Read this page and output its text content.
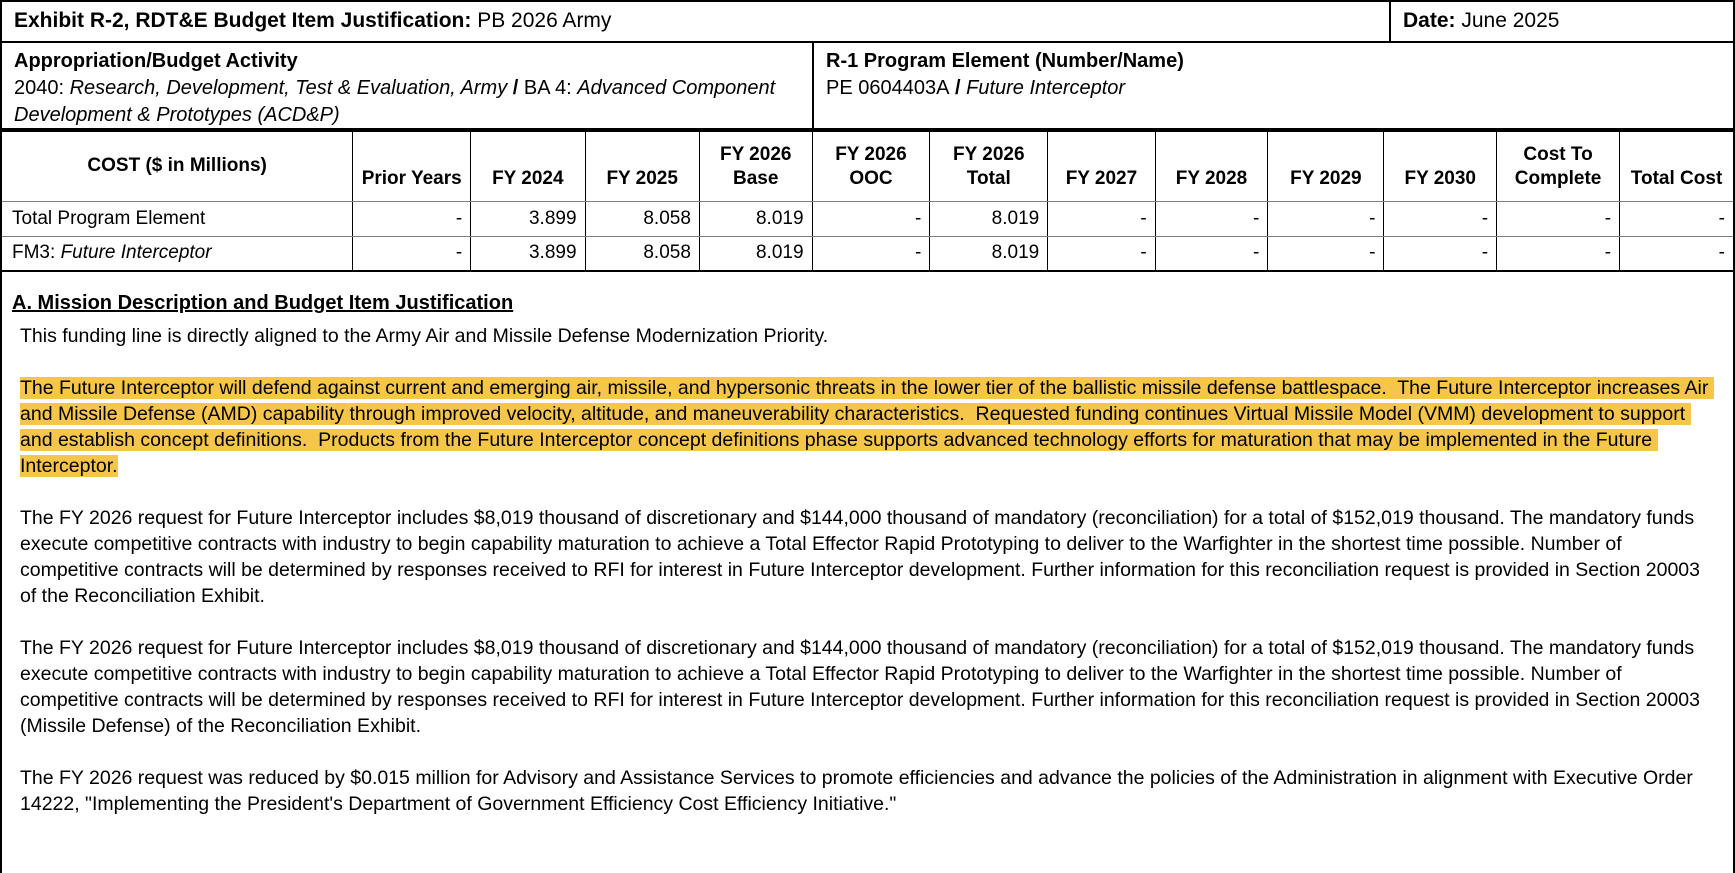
Exhibit R-2, RDT&E Budget Item Justification: PB 2026 Army	Date: June 2025
Appropriation/Budget Activity
2040: Research, Development, Test & Evaluation, Army / BA 4: Advanced Component Development & Prototypes (ACD&P)
R-1 Program Element (Number/Name)
PE 0604403A / Future Interceptor
COST ($ in Millions)	Prior Years	FY 2024	FY 2025	FY 2026 Base	FY 2026 OOC	FY 2026 Total	FY 2027	FY 2028	FY 2029	FY 2030	Cost To Complete	Total Cost
Total Program Element	-	3.899	8.058	8.019	-	8.019	-	-	-	-	-	-
FM3: Future Interceptor	-	3.899	8.058	8.019	-	8.019	-	-	-	-	-	-
A. Mission Description and Budget Item Justification
This funding line is directly aligned to the Army Air and Missile Defense Modernization Priority.
The Future Interceptor will defend against current and emerging air, missile, and hypersonic threats in the lower tier of the ballistic missile defense battlespace.  The Future Interceptor increases Air and Missile Defense (AMD) capability through improved velocity, altitude, and maneuverability characteristics.  Requested funding continues Virtual Missile Model (VMM) development to support and establish concept definitions.  Products from the Future Interceptor concept definitions phase supports advanced technology efforts for maturation that may be implemented in the Future Interceptor.
The FY 2026 request for Future Interceptor includes $8,019 thousand of discretionary and $144,000 thousand of mandatory (reconciliation) for a total of $152,019 thousand. The mandatory funds execute competitive contracts with industry to begin capability maturation to achieve a Total Effector Rapid Prototyping to deliver to the Warfighter in the shortest time possible. Number of competitive contracts will be determined by responses received to RFI for interest in Future Interceptor development. Further information for this reconciliation request is provided in Section 20003 of the Reconciliation Exhibit.
The FY 2026 request for Future Interceptor includes $8,019 thousand of discretionary and $144,000 thousand of mandatory (reconciliation) for a total of $152,019 thousand. The mandatory funds execute competitive contracts with industry to begin capability maturation to achieve a Total Effector Rapid Prototyping to deliver to the Warfighter in the shortest time possible. Number of competitive contracts will be determined by responses received to RFI for interest in Future Interceptor development. Further information for this reconciliation request is provided in Section 20003 (Missile Defense) of the Reconciliation Exhibit.
The FY 2026 request was reduced by $0.015 million for Advisory and Assistance Services to promote efficiencies and advance the policies of the Administration in alignment with Executive Order 14222, "Implementing the President's Department of Government Efficiency Cost Efficiency Initiative."
